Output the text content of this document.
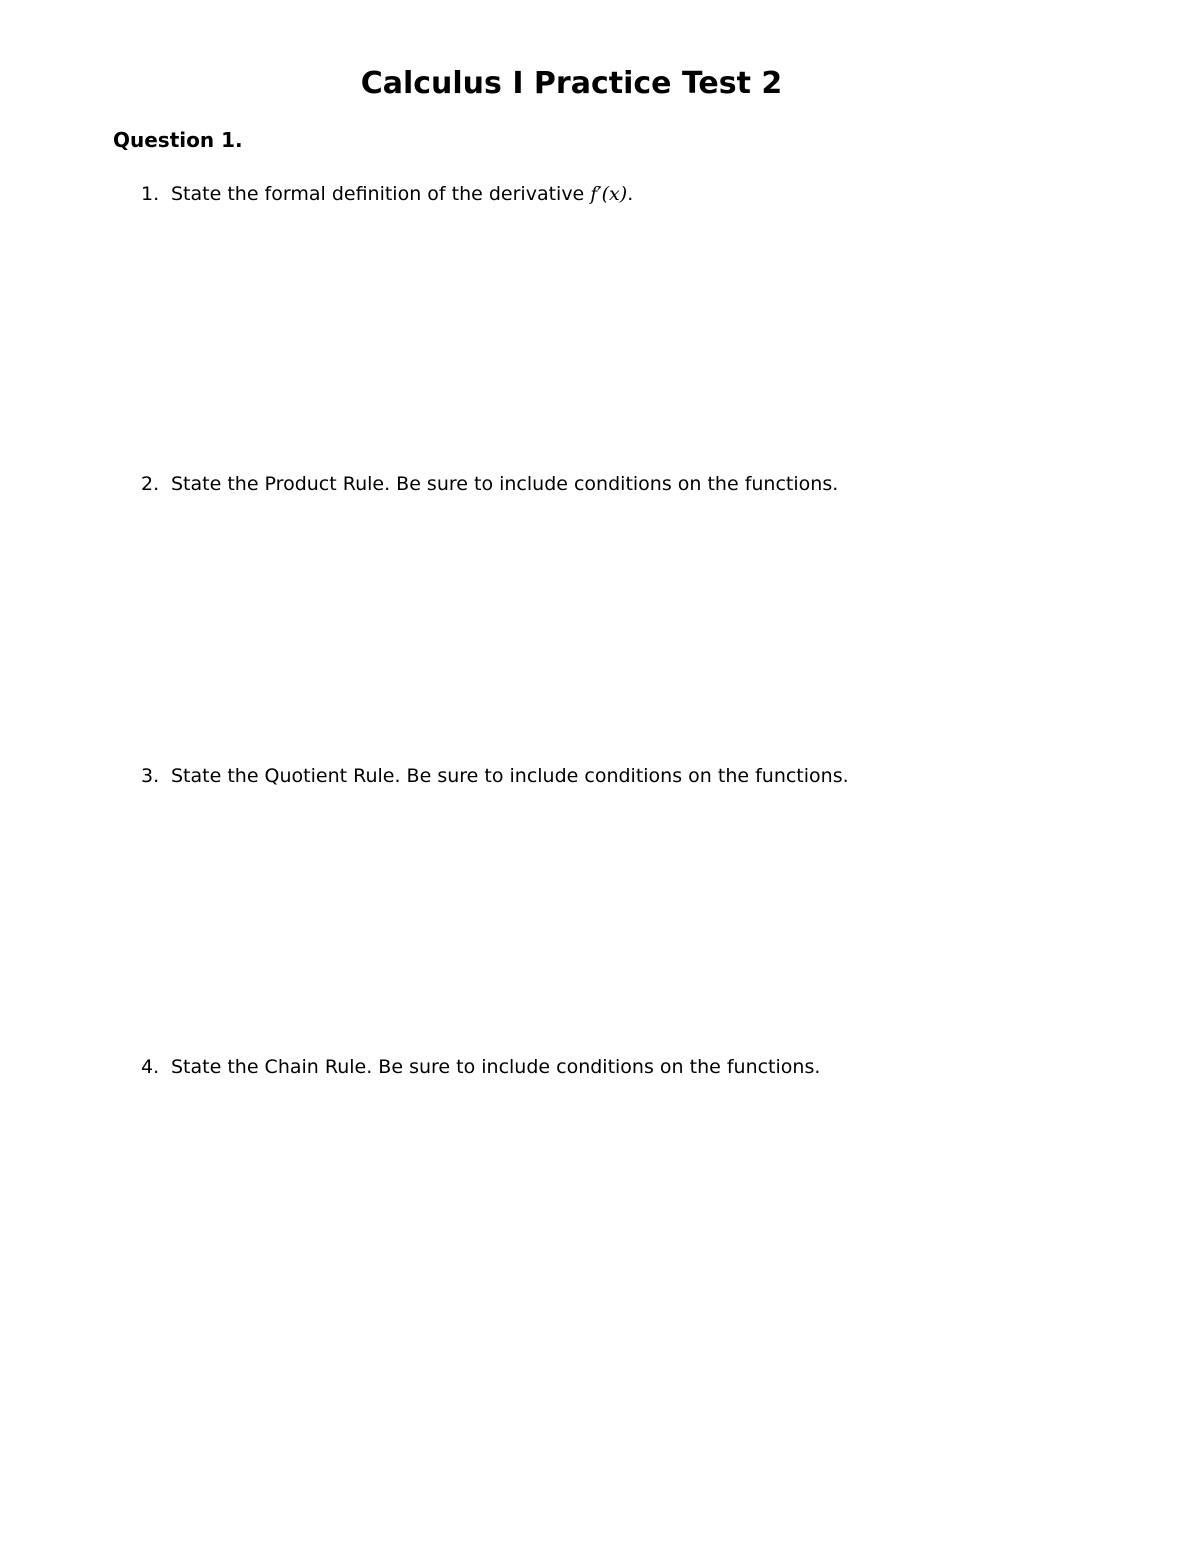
Calculus I Practice Test 2
Question 1.
1. State the formal definition of the derivative f′(x).
2. State the Product Rule. Be sure to include conditions on the functions.
3. State the Quotient Rule. Be sure to include conditions on the functions.
4. State the Chain Rule. Be sure to include conditions on the functions.
